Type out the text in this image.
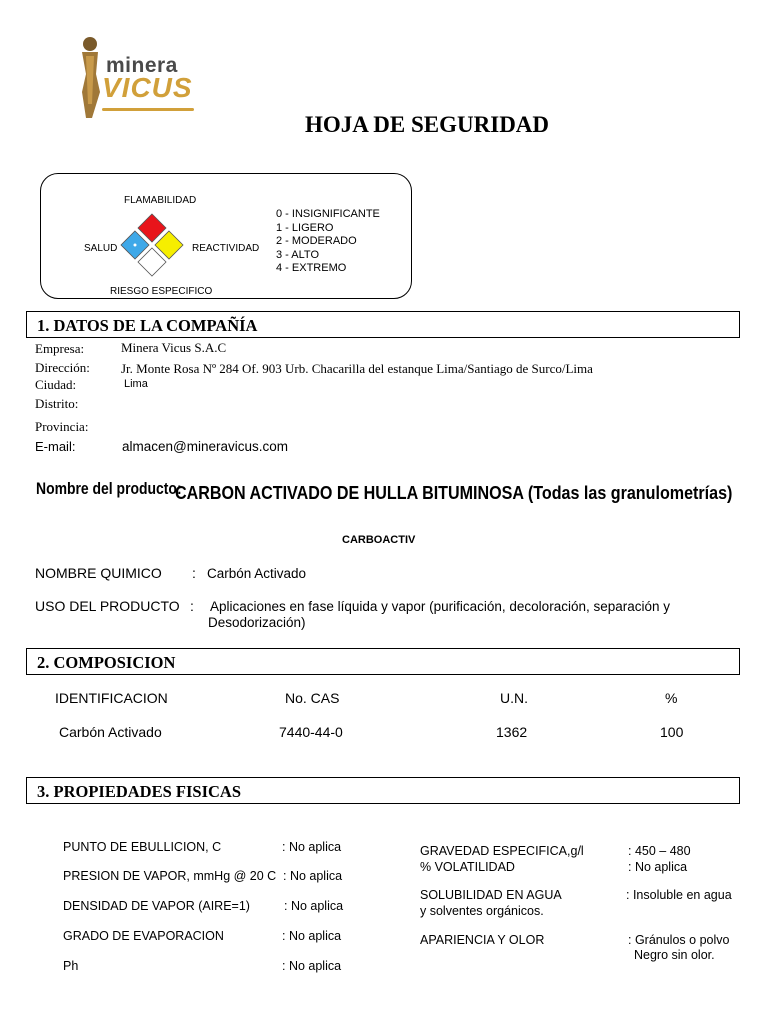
minera
VICUS
HOJA DE SEGURIDAD
FLAMABILIDAD
SALUD	REACTIVIDAD
RIESGO ESPECIFICO
0 - INSIGNIFICANTE
1 - LIGERO
2 - MODERADO
3 - ALTO
4 - EXTREMO
1. DATOS DE LA COMPAÑÍA
Empresa:	Minera Vicus S.A.C
Dirección: Jr. Monte Rosa Nº 284 Of. 903 Urb. Chacarilla del estanque Lima/Santiago de Surco/Lima
Ciudad:	Lima
Distrito:
Provincia:
E-mail:	almacen@mineravicus.com
Nombre del producto:
CARBON ACTIVADO DE HULLA BITUMINOSA (Todas las granulometrías)
CARBOACTIV
NOMBRE QUIMICO : Carbón Activado
USO DEL PRODUCTO : Aplicaciones en fase líquida y vapor (purificación, decoloración, separación y
Desodorización)
2. COMPOSICION
IDENTIFICACION	No. CAS	U.N.	%
Carbón Activado	7440-44-0	1362	100
3. PROPIEDADES FISICAS
PUNTO DE EBULLICION, C	: No aplica
PRESION DE VAPOR, mmHg @ 20 C : No aplica
DENSIDAD DE VAPOR (AIRE=1)	: No aplica
GRADO DE EVAPORACION	: No aplica
Ph	: No aplica
GRAVEDAD ESPECIFICA,g/l	: 450 – 480
% VOLATILIDAD	: No aplica
SOLUBILIDAD EN AGUA
y solventes orgánicos.
: Insoluble en agua
APARIENCIA Y OLOR	: Gránulos o polvo
Negro sin olor.
